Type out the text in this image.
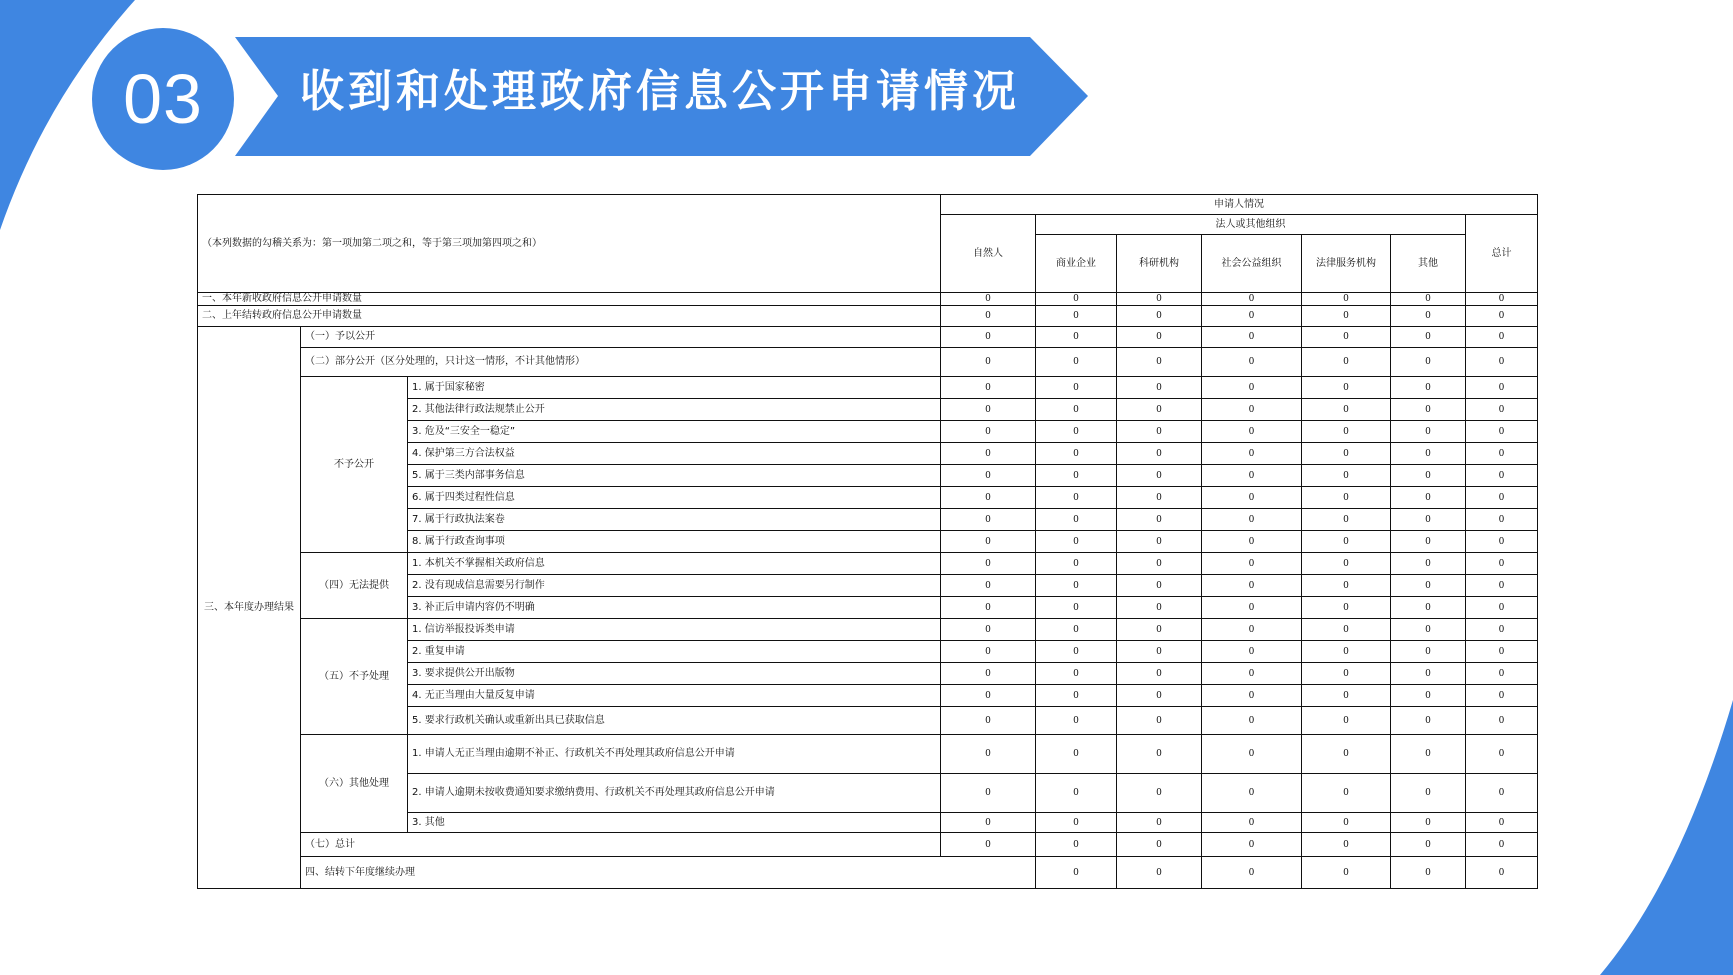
03	收到和处理政府信息公开申请情况
（本列数据的勾稽关系为：第一项加第二项之和，等于第三项加第四项之和）			申请人情况							
			自然人	法人或其他组织					总计	
				商业企业	科研机构	社会公益组织	法律服务机构	其他		
一、本年新收政府信息公开申请数量			0	0	0	0	0	0	0	
二、上年结转政府信息公开申请数量			0	0	0	0	0	0	0	
三、本年度办理结果	（一）予以公开		0	0	0	0	0	0	0	
	（二）部分公开（区分处理的，只计这一情形，不计其他情形）		0	0	0	0	0	0	0	
	不予公开	1. 属于国家秘密	0	0	0	0	0	0	0	
		2. 其他法律行政法规禁止公开	0	0	0	0	0	0	0	
		3. 危及“三安全一稳定”	0	0	0	0	0	0	0	
		4. 保护第三方合法权益	0	0	0	0	0	0	0	
		5. 属于三类内部事务信息	0	0	0	0	0	0	0	
		6. 属于四类过程性信息	0	0	0	0	0	0	0	
		7. 属于行政执法案卷	0	0	0	0	0	0	0	
		8. 属于行政查询事项	0	0	0	0	0	0	0	
	（四）无法提供	1. 本机关不掌握相关政府信息	0	0	0	0	0	0	0	
		2. 没有现成信息需要另行制作	0	0	0	0	0	0	0	
		3. 补正后申请内容仍不明确	0	0	0	0	0	0	0	
	（五）不予处理	1. 信访举报投诉类申请	0	0	0	0	0	0	0	
		2. 重复申请	0	0	0	0	0	0	0	
		3. 要求提供公开出版物	0	0	0	0	0	0	0	
		4. 无正当理由大量反复申请	0	0	0	0	0	0	0	
		5. 要求行政机关确认或重新出具已获取信息	0	0	0	0	0	0	0	
	（六）其他处理	1. 申请人无正当理由逾期不补正、行政机关不再处理其政府信息公开申请	0	0	0	0	0	0	0	
		2. 申请人逾期未按收费通知要求缴纳费用、行政机关不再处理其政府信息公开申请	0	0	0	0	0	0	0	
		3. 其他	0	0	0	0	0	0	0	
	（七）总计		0	0	0	0	0	0	0	
	四、结转下年度继续办理			0	0	0	0	0	0	
